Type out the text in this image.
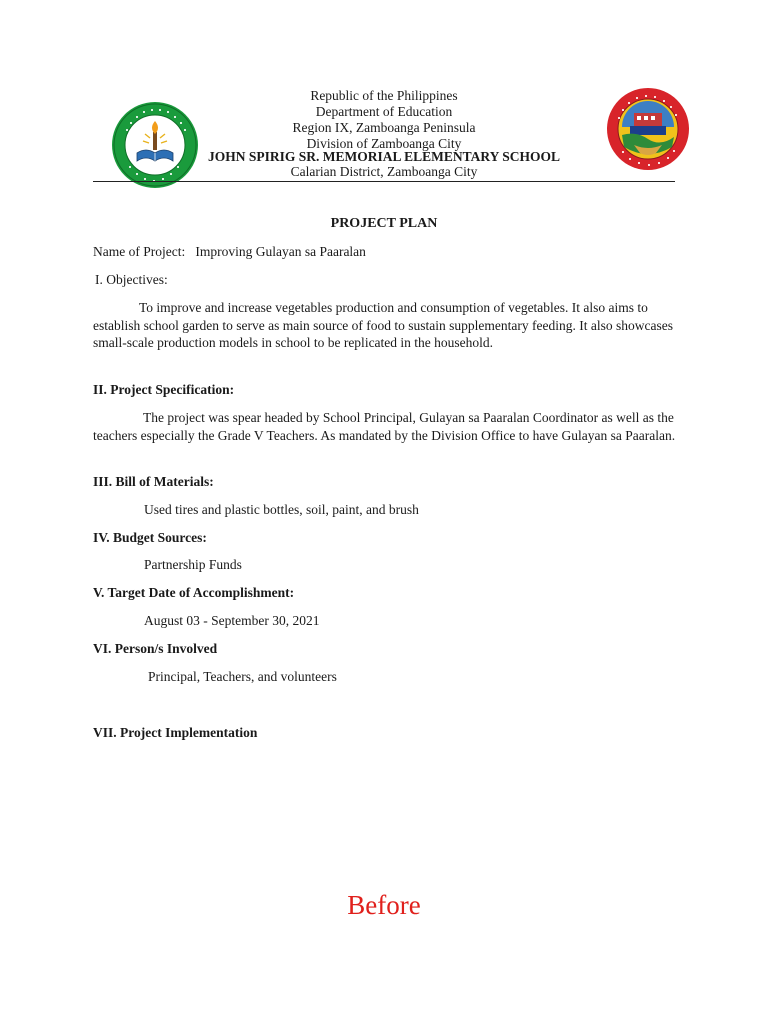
Republic of the Philippines
Department of Education
Region IX, Zamboanga Peninsula
Division of Zamboanga City
JOHN SPIRIG SR. MEMORIAL ELEMENTARY SCHOOL
Calarian District, Zamboanga City
PROJECT PLAN
Name of Project: Improving Gulayan sa Paaralan
I. Objectives:
To improve and increase vegetables production and consumption of vegetables. It also aims to establish school garden to serve as main source of food to sustain supplementary feeding. It also showcases small-scale production models in school to be replicated in the household.
II. Project Specification:
The project was spear headed by School Principal, Gulayan sa Paaralan Coordinator as well as the teachers especially the Grade V Teachers. As mandated by the Division Office to have Gulayan sa Paaralan.
III. Bill of Materials:
Used tires and plastic bottles, soil, paint, and brush
IV. Budget Sources:
Partnership Funds
V. Target Date of Accomplishment:
August 03 - September 30, 2021
VI. Person/s Involved
Principal, Teachers, and volunteers
VII. Project Implementation
Before
